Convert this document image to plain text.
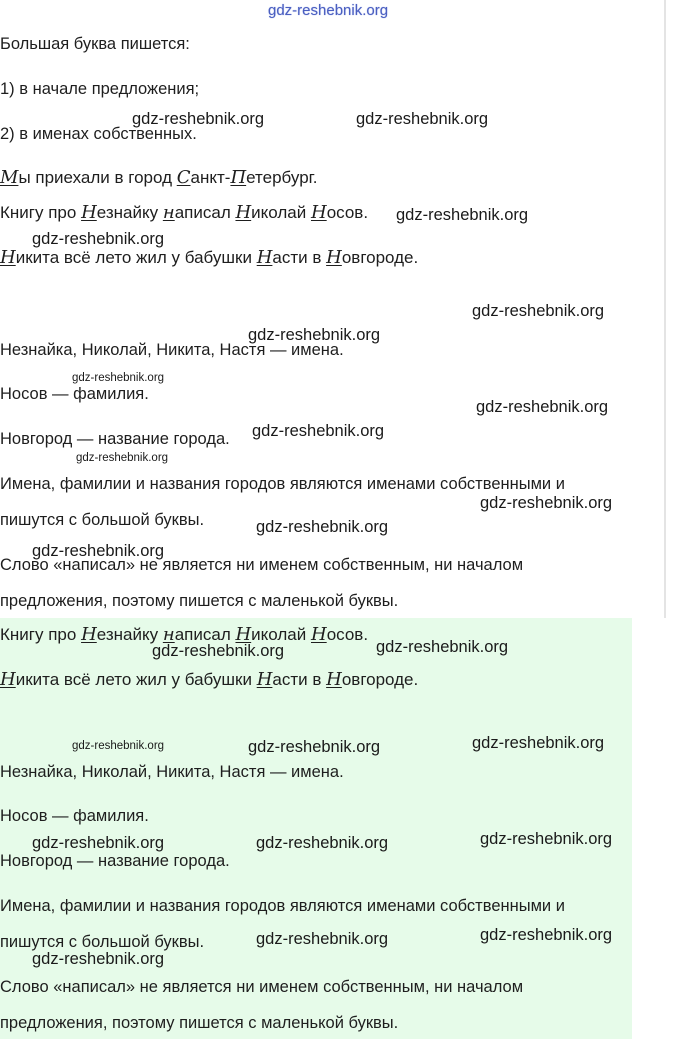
gdz-reshebnik.org
Большая буква пишется:
1) в начале предложения;
2) в именах собственных.
Мы приехали в город Санкт-Петербург.
Книгу про Незнайку написал Николай Носов.
Никита всё лето жил у бабушки Насти в Новгороде.
Незнайка, Николай, Никита, Настя — имена.
Носов — фамилия.
Новгород — название города.
Имена, фамилии и названия городов являются именами собственными и
пишутся с большой буквы.
Слово «написал» не является ни именем собственным, ни началом
предложения, поэтому пишется с маленькой буквы.
Книгу про Незнайку написал Николай Носов.
Никита всё лето жил у бабушки Насти в Новгороде.
Незнайка, Николай, Никита, Настя — имена.
Носов — фамилия.
Новгород — название города.
Имена, фамилии и названия городов являются именами собственными и
пишутся с большой буквы.
Слово «написал» не является ни именем собственным, ни началом
предложения, поэтому пишется с маленькой буквы.
gdz-reshebnik.org	gdz-reshebnik.org
gdz-reshebnik.org
gdz-reshebnik.org
gdz-reshebnik.org
gdz-reshebnik.org
gdz-reshebnik.org
gdz-reshebnik.org
gdz-reshebnik.org
gdz-reshebnik.org
gdz-reshebnik.org
gdz-reshebnik.org
gdz-reshebnik.org
gdz-reshebnik.org	gdz-reshebnik.org
gdz-reshebnik.org	gdz-reshebnik.org	gdz-reshebnik.org
gdz-reshebnik.org	gdz-reshebnik.org	gdz-reshebnik.org
gdz-reshebnik.org	gdz-reshebnik.org
gdz-reshebnik.org
